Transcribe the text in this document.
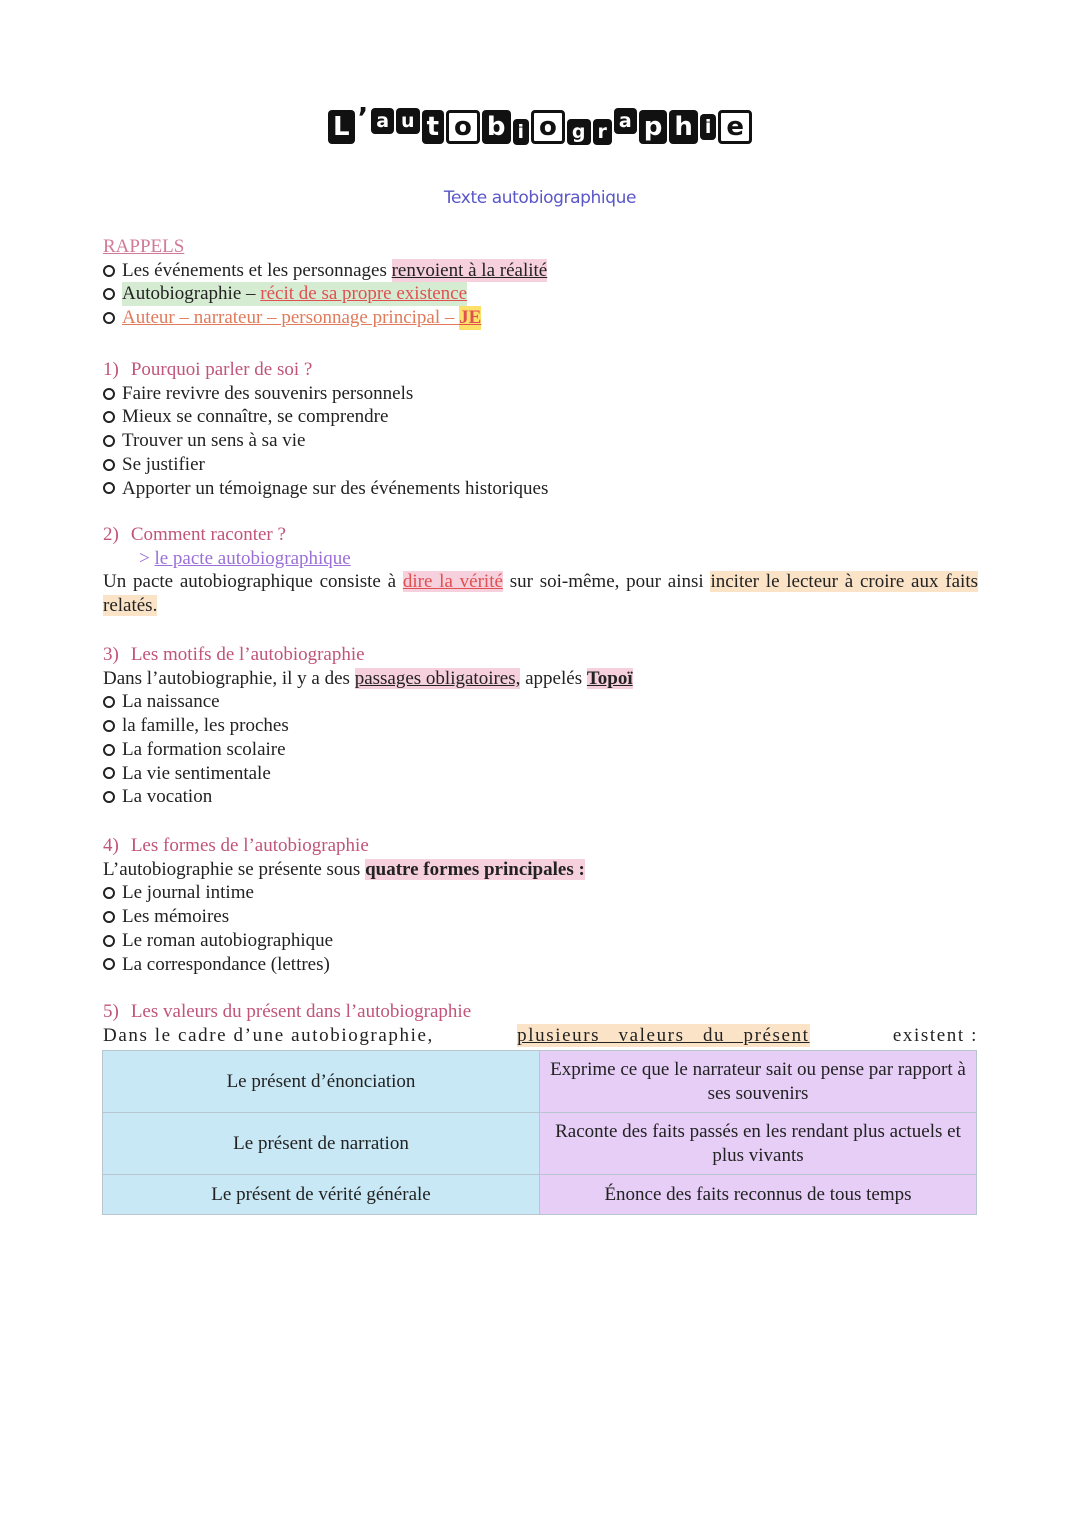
L ’ a u t o b i o g r a p h i e
Texte autobiographique
RAPPELS
Les événements et les personnages renvoient à la réalité
Autobiographie – récit de sa propre existence
Auteur – narrateur – personnage principal – JE
1) Pourquoi parler de soi ?
Faire revivre des souvenirs personnels
Mieux se connaître, se comprendre
Trouver un sens à sa vie
Se justifier
Apporter un témoignage sur des événements historiques
2) Comment raconter ?
> le pacte autobiographique
Un pacte autobiographique consiste à dire la vérité sur soi-même, pour ainsi inciter le lecteur à croire aux faits relatés.
3) Les motifs de l’autobiographie
Dans l’autobiographie, il y a des passages obligatoires, appelés Topoï
La naissance
la famille, les proches
La formation scolaire
La vie sentimentale
La vocation
4) Les formes de l’autobiographie
L’autobiographie se présente sous quatre formes principales :
Le journal intime
Les mémoires
Le roman autobiographique
La correspondance (lettres)
5) Les valeurs du présent dans l’autobiographie
Dans le cadre d’une autobiographie,	plusieurs valeurs du présent	existent :
Le présent d’énonciation	Exprime ce que le narrateur sait ou pense par rapport à ses souvenirs
Le présent de narration	Raconte des faits passés en les rendant plus actuels et plus vivants
Le présent de vérité générale	Énonce des faits reconnus de tous temps
